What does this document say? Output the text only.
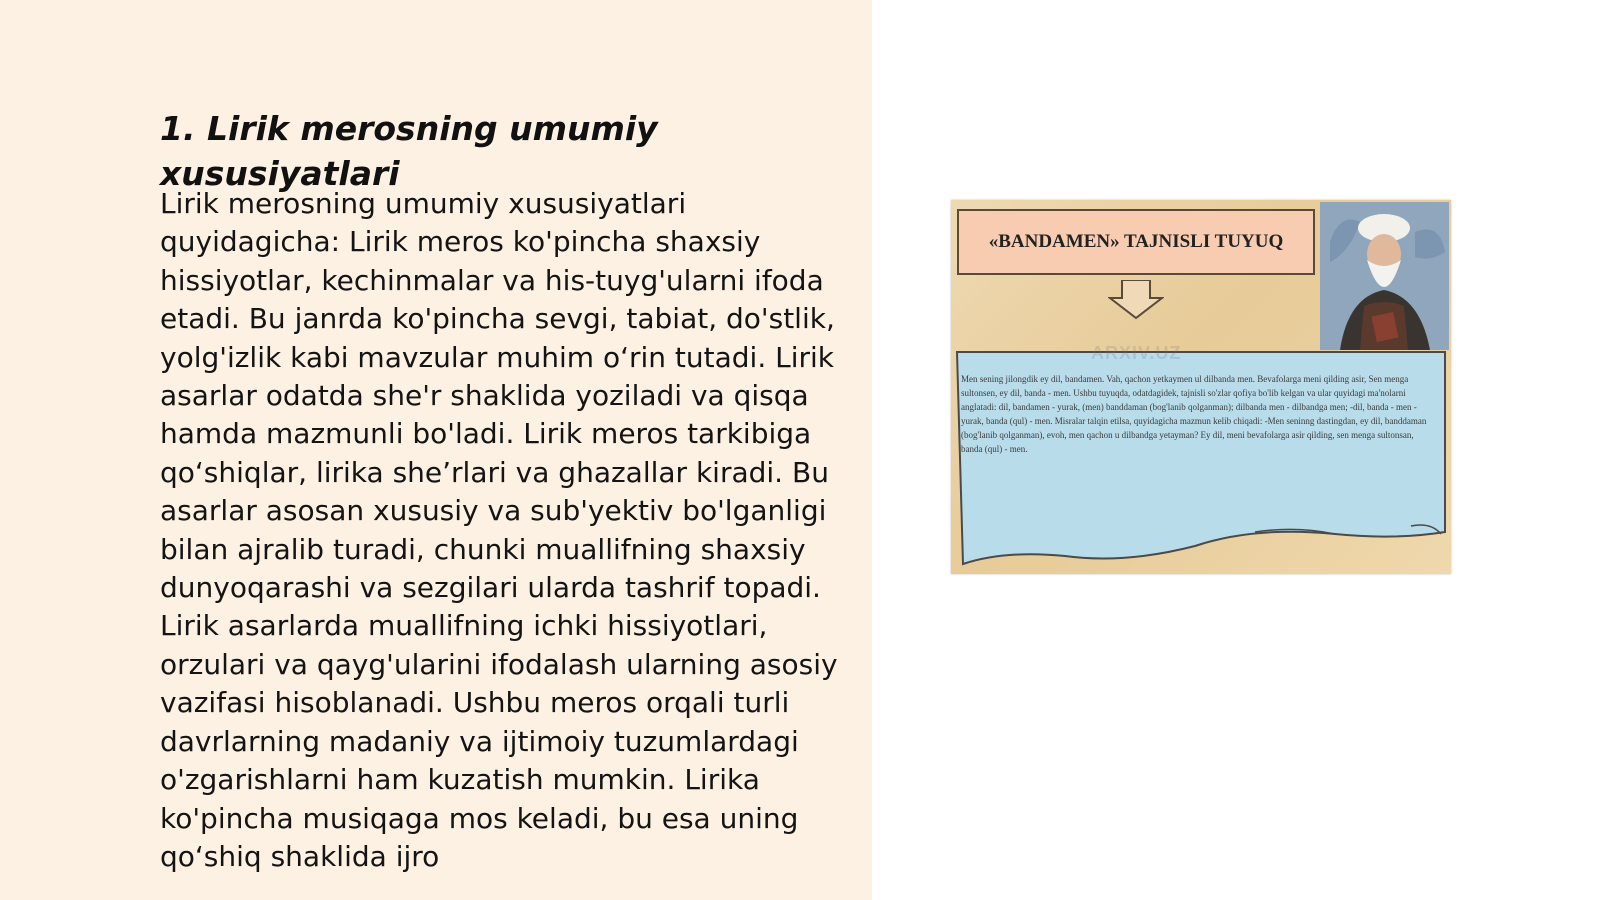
1. Lirik merosning umumiy xususiyatlari

Lirik merosning umumiy xususiyatlari quyidagicha: Lirik meros ko'pincha shaxsiy hissiyotlar, kechinmalar va his-tuyg'ularni ifoda etadi. Bu janrda ko'pincha sevgi, tabiat, do'stlik, yolg'izlik kabi mavzular muhim o‘rin tutadi. Lirik asarlar odatda she'r shaklida yoziladi va qisqa hamda mazmunli bo'ladi. Lirik meros tarkibiga qo‘shiqlar, lirika she’rlari va ghazallar kiradi. Bu asarlar asosan xususiy va sub'yektiv bo'lganligi bilan ajralib turadi, chunki muallifning shaxsiy dunyoqarashi va sezgilari ularda tashrif topadi. Lirik asarlarda muallifning ichki hissiyotlari, orzulari va qayg'ularini ifodalash ularning asosiy vazifasi hisoblanadi. Ushbu meros orqali turli davrlarning madaniy va ijtimoiy tuzumlardagi o'zgarishlarni ham kuzatish mumkin. Lirika ko'pincha musiqaga mos keladi, bu esa uning qo‘shiq shaklida ijro

«BANDAMEN» TAJNISLI TUYUQ

Men sening jilongdik ey dil, bandamen. Vah, qachon yetkaymen ul dilbanda men. Bevafolarga meni qilding asir, Sen menga sultonsen, ey dil, banda - men. Ushbu tuyuqda, odatdagidek, tajnisli so'zlar qofiya bo'lib kelgan va ular quyidagi ma'nolarni anglatadi: dil, bandamen - yurak, (men) banddaman (bog'lanib qolganman); dilbanda men - dilbandga men; -dil, banda - men - yurak, banda (qul) - men. Misralar talqin etilsa, quyidagicha mazmun kelib chiqadi: -Men seninng dastingdan, ey dil, banddaman (bog'lanib qolganman), evoh, men qachon u dilbandga yetayman? Ey dil, meni bevafolarga asir qilding, sen menga sultonsan, banda (qul) - men.

ARXIV.UZ
